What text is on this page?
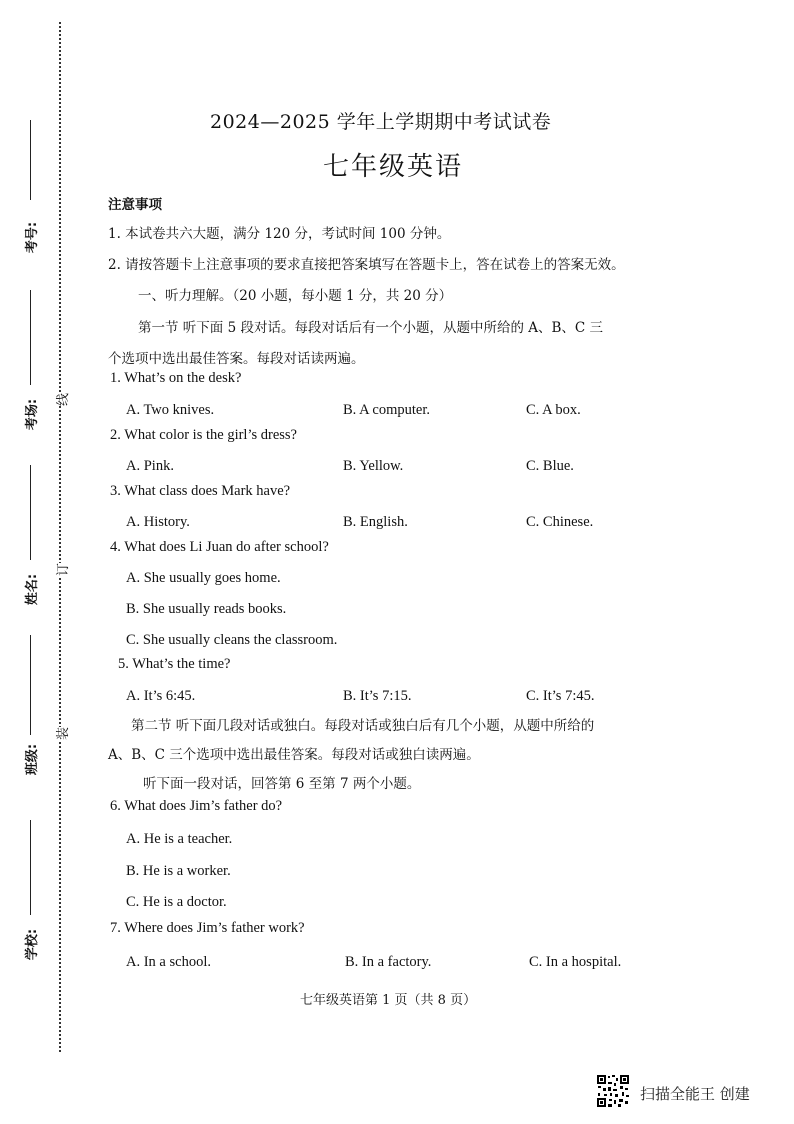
考号:
考场:
姓名:
班级:
学校:
线
订
装
2024—2025 学年上学期期中考试试卷
七年级英语
注意事项
1. 本试卷共六大题，满分 120 分，考试时间 100 分钟。
2. 请按答题卡上注意事项的要求直接把答案填写在答题卡上，答在试卷上的答案无效。
一、听力理解。（20 小题，每小题 1 分，共 20 分）
第一节 听下面 5 段对话。每段对话后有一个小题，从题中所给的 A、B、C 三
个选项中选出最佳答案。每段对话读两遍。
1. What’s on the desk?
A. Two knives.	B. A computer.	C. A box.
2. What color is the girl’s dress?
A. Pink.	B. Yellow.	C. Blue.
3. What class does Mark have?
A. History.	B. English.	C. Chinese.
4. What does Li Juan do after school?
A. She usually goes home.
B. She usually reads books.
C. She usually cleans the classroom.
5. What’s the time?
A. It’s 6:45.	B. It’s 7:15.	C. It’s 7:45.
第二节 听下面几段对话或独白。每段对话或独白后有几个小题，从题中所给的
A、B、C 三个选项中选出最佳答案。每段对话或独白读两遍。
听下面一段对话，回答第 6 至第 7 两个小题。
6. What does Jim’s father do?
A. He is a teacher.
B. He is a worker.
C. He is a doctor.
7. Where does Jim’s father work?
A. In a school.	B. In a factory.	C. In a hospital.
七年级英语第 1 页（共 8 页）
扫描全能王 创建
